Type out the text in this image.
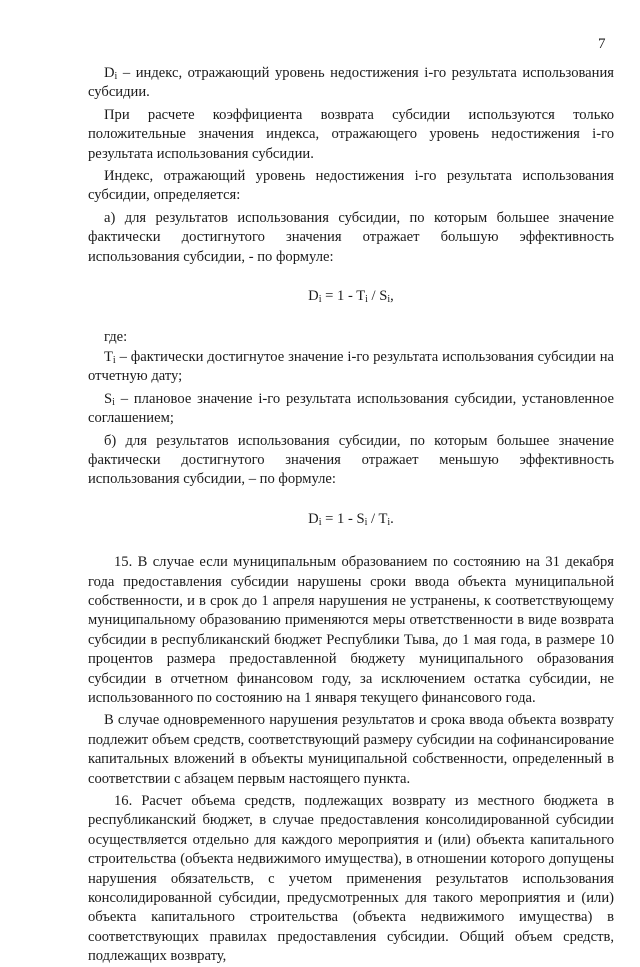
7

$D_i$ – индекс, отражающий уровень недостижения i-го результата использования субсидии.

При расчете коэффициента возврата субсидии используются только положительные значения индекса, отражающего уровень недостижения i-го результата использования субсидии.

Индекс, отражающий уровень недостижения i-го результата использования субсидии, определяется:

а) для результатов использования субсидии, по которым большее значение фактически достигнутого значения отражает большую эффективность использования субсидии, - по формуле:

$D_i = 1 - T_i / S_i$,

где:

$T_i$ – фактически достигнутое значение i-го результата использования субсидии на отчетную дату;

$S_i$ – плановое значение i-го результата использования субсидии, установленное соглашением;

б) для результатов использования субсидии, по которым большее значение фактически достигнутого значения отражает меньшую эффективность использования субсидии, – по формуле:

$D_i = 1 - S_i / T_i$.

15. В случае если муниципальным образованием по состоянию на 31 декабря года предоставления субсидии нарушены сроки ввода объекта муниципальной собственности, и в срок до 1 апреля нарушения не устранены, к соответствующему муниципальному образованию применяются меры ответственности в виде возврата субсидии в республиканский бюджет Республики Тыва, до 1 мая года, в размере 10 процентов размера предоставленной бюджету муниципального образования субсидии в отчетном финансовом году, за исключением остатка субсидии, не использованного по состоянию на 1 января текущего финансового года.

В случае одновременного нарушения результатов и срока ввода объекта возврату подлежит объем средств, соответствующий размеру субсидии на софинансирование капитальных вложений в объекты муниципальной собственности, определенный в соответствии с абзацем первым настоящего пункта.

16. Расчет объема средств, подлежащих возврату из местного бюджета в республиканский бюджет, в случае предоставления консолидированной субсидии осуществляется отдельно для каждого мероприятия и (или) объекта капитального строительства (объекта недвижимого имущества), в отношении которого допущены нарушения обязательств, с учетом применения результатов использования консолидированной субсидии, предусмотренных для такого мероприятия и (или) объекта капитального строительства (объекта недвижимого имущества) в соответствующих правилах предоставления субсидии. Общий объем средств, подлежащих возврату,
